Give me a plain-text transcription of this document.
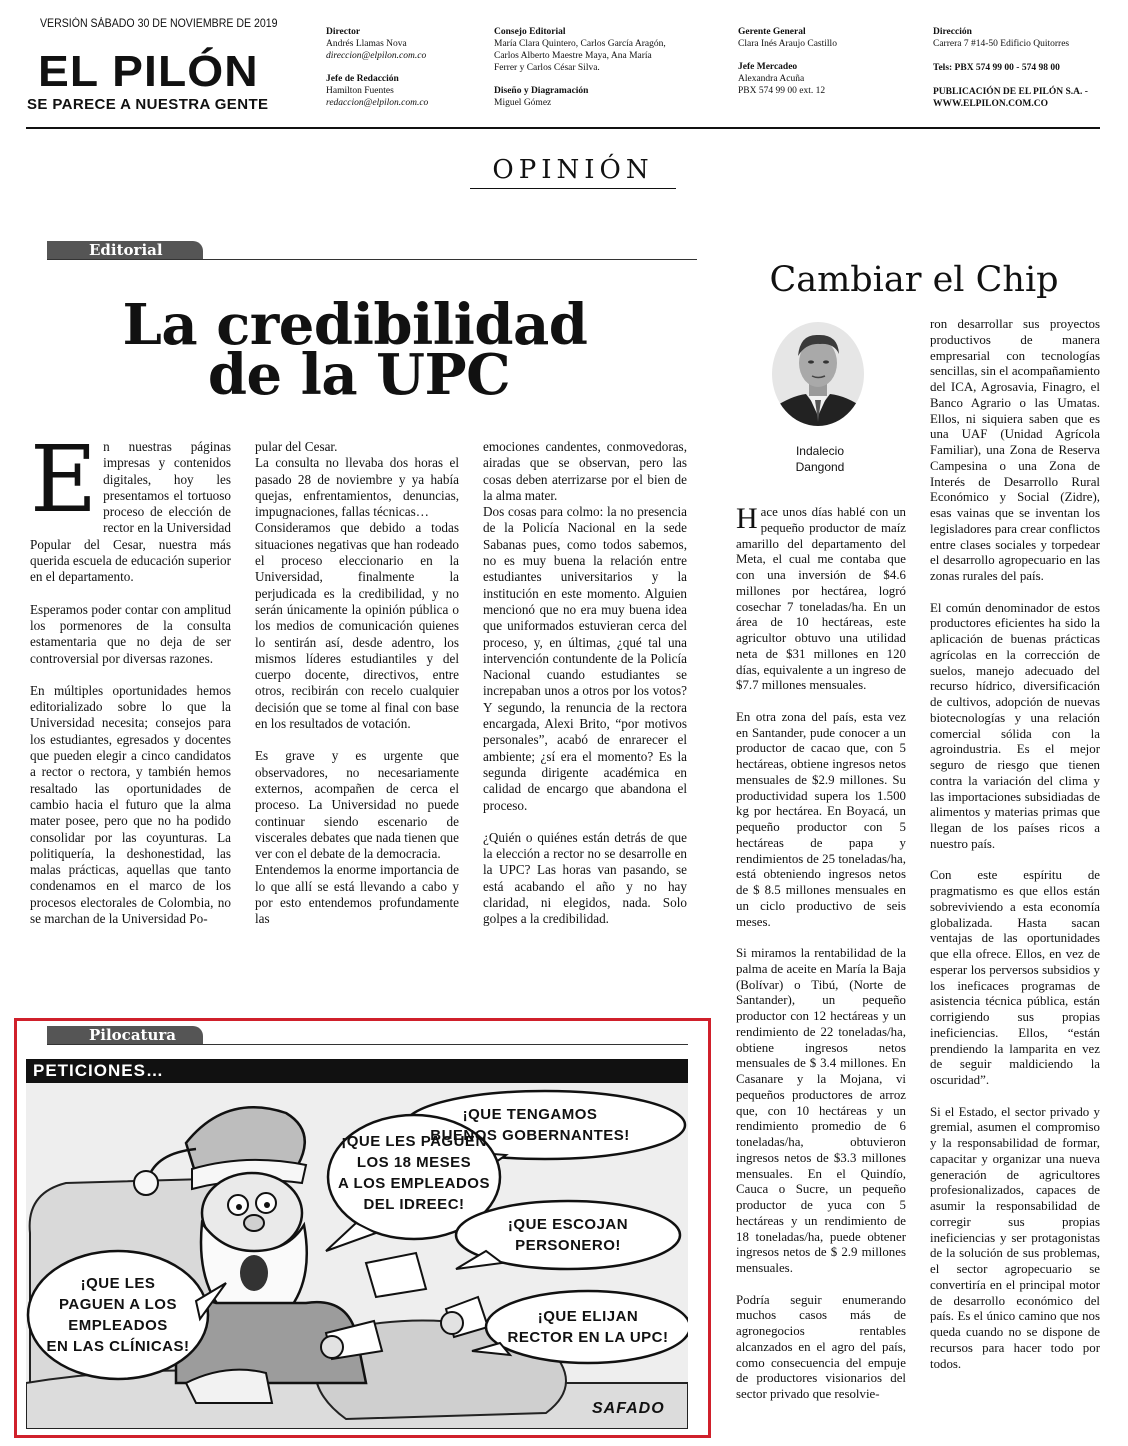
VERSIÓN SÁBADO 30 DE NOVIEMBRE DE 2019
EL PILÓN
SE PARECE A NUESTRA GENTE
Director
Andrés Llamas Nova
direccion@elpilon.com.co
Jefe de Redacción
Hamilton Fuentes
redaccion@elpilon.com.co
Consejo Editorial
María Clara Quintero, Carlos García Aragón,
Carlos Alberto Maestre Maya, Ana María
Ferrer y Carlos César Silva.
Diseño y Diagramación
Miguel Gómez
Gerente General
Clara Inés Araujo Castillo
Jefe Mercadeo
Alexandra Acuña
PBX 574 99 00 ext. 12
Dirección
Carrera 7 #14-50 Edificio Quitorres
Tels: PBX 574 99 00 - 574 98 00
PUBLICACIÓN DE EL PILÓN S.A. -
WWW.ELPILON.COM.CO
OPINIÓN
Editorial
La credibilidad
de la UPC

En nuestras páginas impresas y contenidos digitales, hoy les presentamos el tortuoso proceso de elección de rector en la Universidad Popular del Cesar, nuestra más querida escuela de educación superior en el departamento.

Esperamos poder contar con amplitud los pormenores de la consulta estamentaria que no deja de ser controversial por diversas razones.

En múltiples oportunidades hemos editorializado sobre lo que la Universidad necesita; consejos para los estudiantes, egresados y docentes que pueden elegir a cinco candidatos a rector o rectora, y también hemos resaltado las oportunidades de cambio hacia el futuro que la alma mater posee, pero que no ha podido consolidar por las coyunturas. La politiquería, la deshonestidad, las malas prácticas, aquellas que tanto condenamos en el marco de los procesos electorales de Colombia, no se marchan de la Universidad Po-

pular del Cesar.

La consulta no llevaba dos horas el pasado 28 de noviembre y ya había quejas, enfrentamientos, denuncias, impugnaciones, fallas técnicas…

Consideramos que debido a todas situaciones negativas que han rodeado el proceso eleccionario en la Universidad, finalmente la perjudicada es la credibilidad, y no serán únicamente la opinión pública o los medios de comunicación quienes lo sentirán así, desde adentro, los mismos líderes estudiantiles y del cuerpo docente, directivos, entre otros, recibirán con recelo cualquier decisión que se tome al final con base en los resultados de votación.

Es grave y es urgente que observadores, no necesariamente externos, acompañen de cerca el proceso. La Universidad no puede continuar siendo escenario de viscerales debates que nada tienen que ver con el debate de la democracia.

Entendemos la enorme importancia de lo que allí se está llevando a cabo y por esto entendemos profundamente las

emociones candentes, conmovedoras, airadas que se observan, pero las cosas deben aterrizarse por el bien de la alma mater.

Dos cosas para colmo: la no presencia de la Policía Nacional en la sede Sabanas pues, como todos sabemos, no es muy buena la relación entre estudiantes universitarios y la institución en este momento. Alguien mencionó que no era muy buena idea que uniformados estuvieran cerca del proceso, y, en últimas, ¿qué tal una intervención contundente de la Policía Nacional cuando estudiantes se increpaban unos a otros por los votos? Y segundo, la renuncia de la rectora encargada, Alexi Brito, “por motivos personales”, acabó de enrarecer el ambiente; ¿sí era el momento? Es la segunda dirigente académica en calidad de encargo que abandona el proceso.

¿Quién o quiénes están detrás de que la elección a rector no se desarrolle en la UPC? Las horas van pasando, se está acabando el año y no hay claridad, ni elegidos, nada. Solo golpes a la credibilidad.

Cambiar el Chip
Indalecio
Dangond

Hace unos días hablé con un pequeño productor de maíz amarillo del departamento del Meta, el cual me contaba que con una inversión de $4.6 millones por hectárea, logró cosechar 7 toneladas/ha. En un área de 10 hectáreas, este agricultor obtuvo una utilidad neta de $31 millones en 120 días, equivalente a un ingreso de $7.7 millones mensuales.

En otra zona del país, esta vez en Santander, pude conocer a un productor de cacao que, con 5 hectáreas, obtiene ingresos netos mensuales de $2.9 millones. Su productividad supera los 1.500 kg por hectárea. En Boyacá, un pequeño productor con 5 hectáreas de papa y rendimientos de 25 toneladas/ha, está obteniendo ingresos netos de $ 8.5 millones mensuales en un ciclo productivo de seis meses.

Si miramos la rentabilidad de la palma de aceite en María la Baja (Bolívar) o Tibú, (Norte de Santander), un pequeño productor con 12 hectáreas y un rendimiento de 22 toneladas/ha, obtiene ingresos netos mensuales de $ 3.4 millones. En Casanare y la Mojana, vi pequeños productores de arroz que, con 10 hectáreas y un rendimiento promedio de 6 toneladas/ha, obtuvieron ingresos netos de $3.3 millones mensuales. En el Quindío, Cauca o Sucre, un pequeño productor de yuca con 5 hectáreas y un rendimiento de 18 toneladas/ha, puede obtener ingresos netos de $ 2.9 millones mensuales.

Podría seguir enumerando muchos casos más de agronegocios rentables alcanzados en el agro del país, como consecuencia del empuje de productores visionarios del sector privado que resolvie-

ron desarrollar sus proyectos productivos de manera empresarial con tecnologías sencillas, sin el acompañamiento del ICA, Agrosavia, Finagro, el Banco Agrario o las Umatas. Ellos, ni siquiera saben que es una UAF (Unidad Agrícola Familiar), una Zona de Reserva Campesina o una Zona de Interés de Desarrollo Rural Económico y Social (Zidre), esas vainas que se inventan los legisladores para crear conflictos entre clases sociales y torpedear el desarrollo agropecuario en las zonas rurales del país.

El común denominador de estos productores eficientes ha sido la aplicación de buenas prácticas agrícolas en la corrección de suelos, manejo adecuado del recurso hídrico, diversificación de cultivos, adopción de nuevas biotecnologías y una relación comercial sólida con la agroindustria. Es el mejor seguro de riesgo que tienen contra la variación del clima y las importaciones subsidiadas de alimentos y materias primas que llegan de los países ricos a nuestro país.

Con este espíritu de pragmatismo es que ellos están sobreviviendo a esta economía globalizada. Hasta sacan ventajas de las oportunidades que ella ofrece. Ellos, en vez de esperar los perversos subsidios y los ineficaces programas de asistencia técnica pública, están corrigiendo sus propias ineficiencias. Ellos, “están prendiendo la lamparita en vez de seguir maldiciendo la oscuridad”.

Si el Estado, el sector privado y gremial, asumen el compromiso y la responsabilidad de formar, capacitar y organizar una nueva generación de agricultores profesionalizados, capaces de asumir la responsabilidad de corregir sus propias ineficiencias y ser protagonistas de la solución de sus problemas, el sector agropecuario se convertiría en el principal motor de desarrollo económico del país. Es el único camino que nos queda cuando no se dispone de recursos para hacer todo por todos.

Pilocatura
PETICIONES…
¡QUE TENGAMOS
BUENOS GOBERNANTES!
¡QUE LES PAGUEN
LOS 18 MESES
A LOS EMPLEADOS
DEL IDREEC!
¡QUE ESCOJAN
PERSONERO!
¡QUE LES
PAGUEN A LOS
EMPLEADOS
EN LAS CLÍNICAS!
¡QUE ELIJAN
RECTOR EN LA UPC!
SAFADO
